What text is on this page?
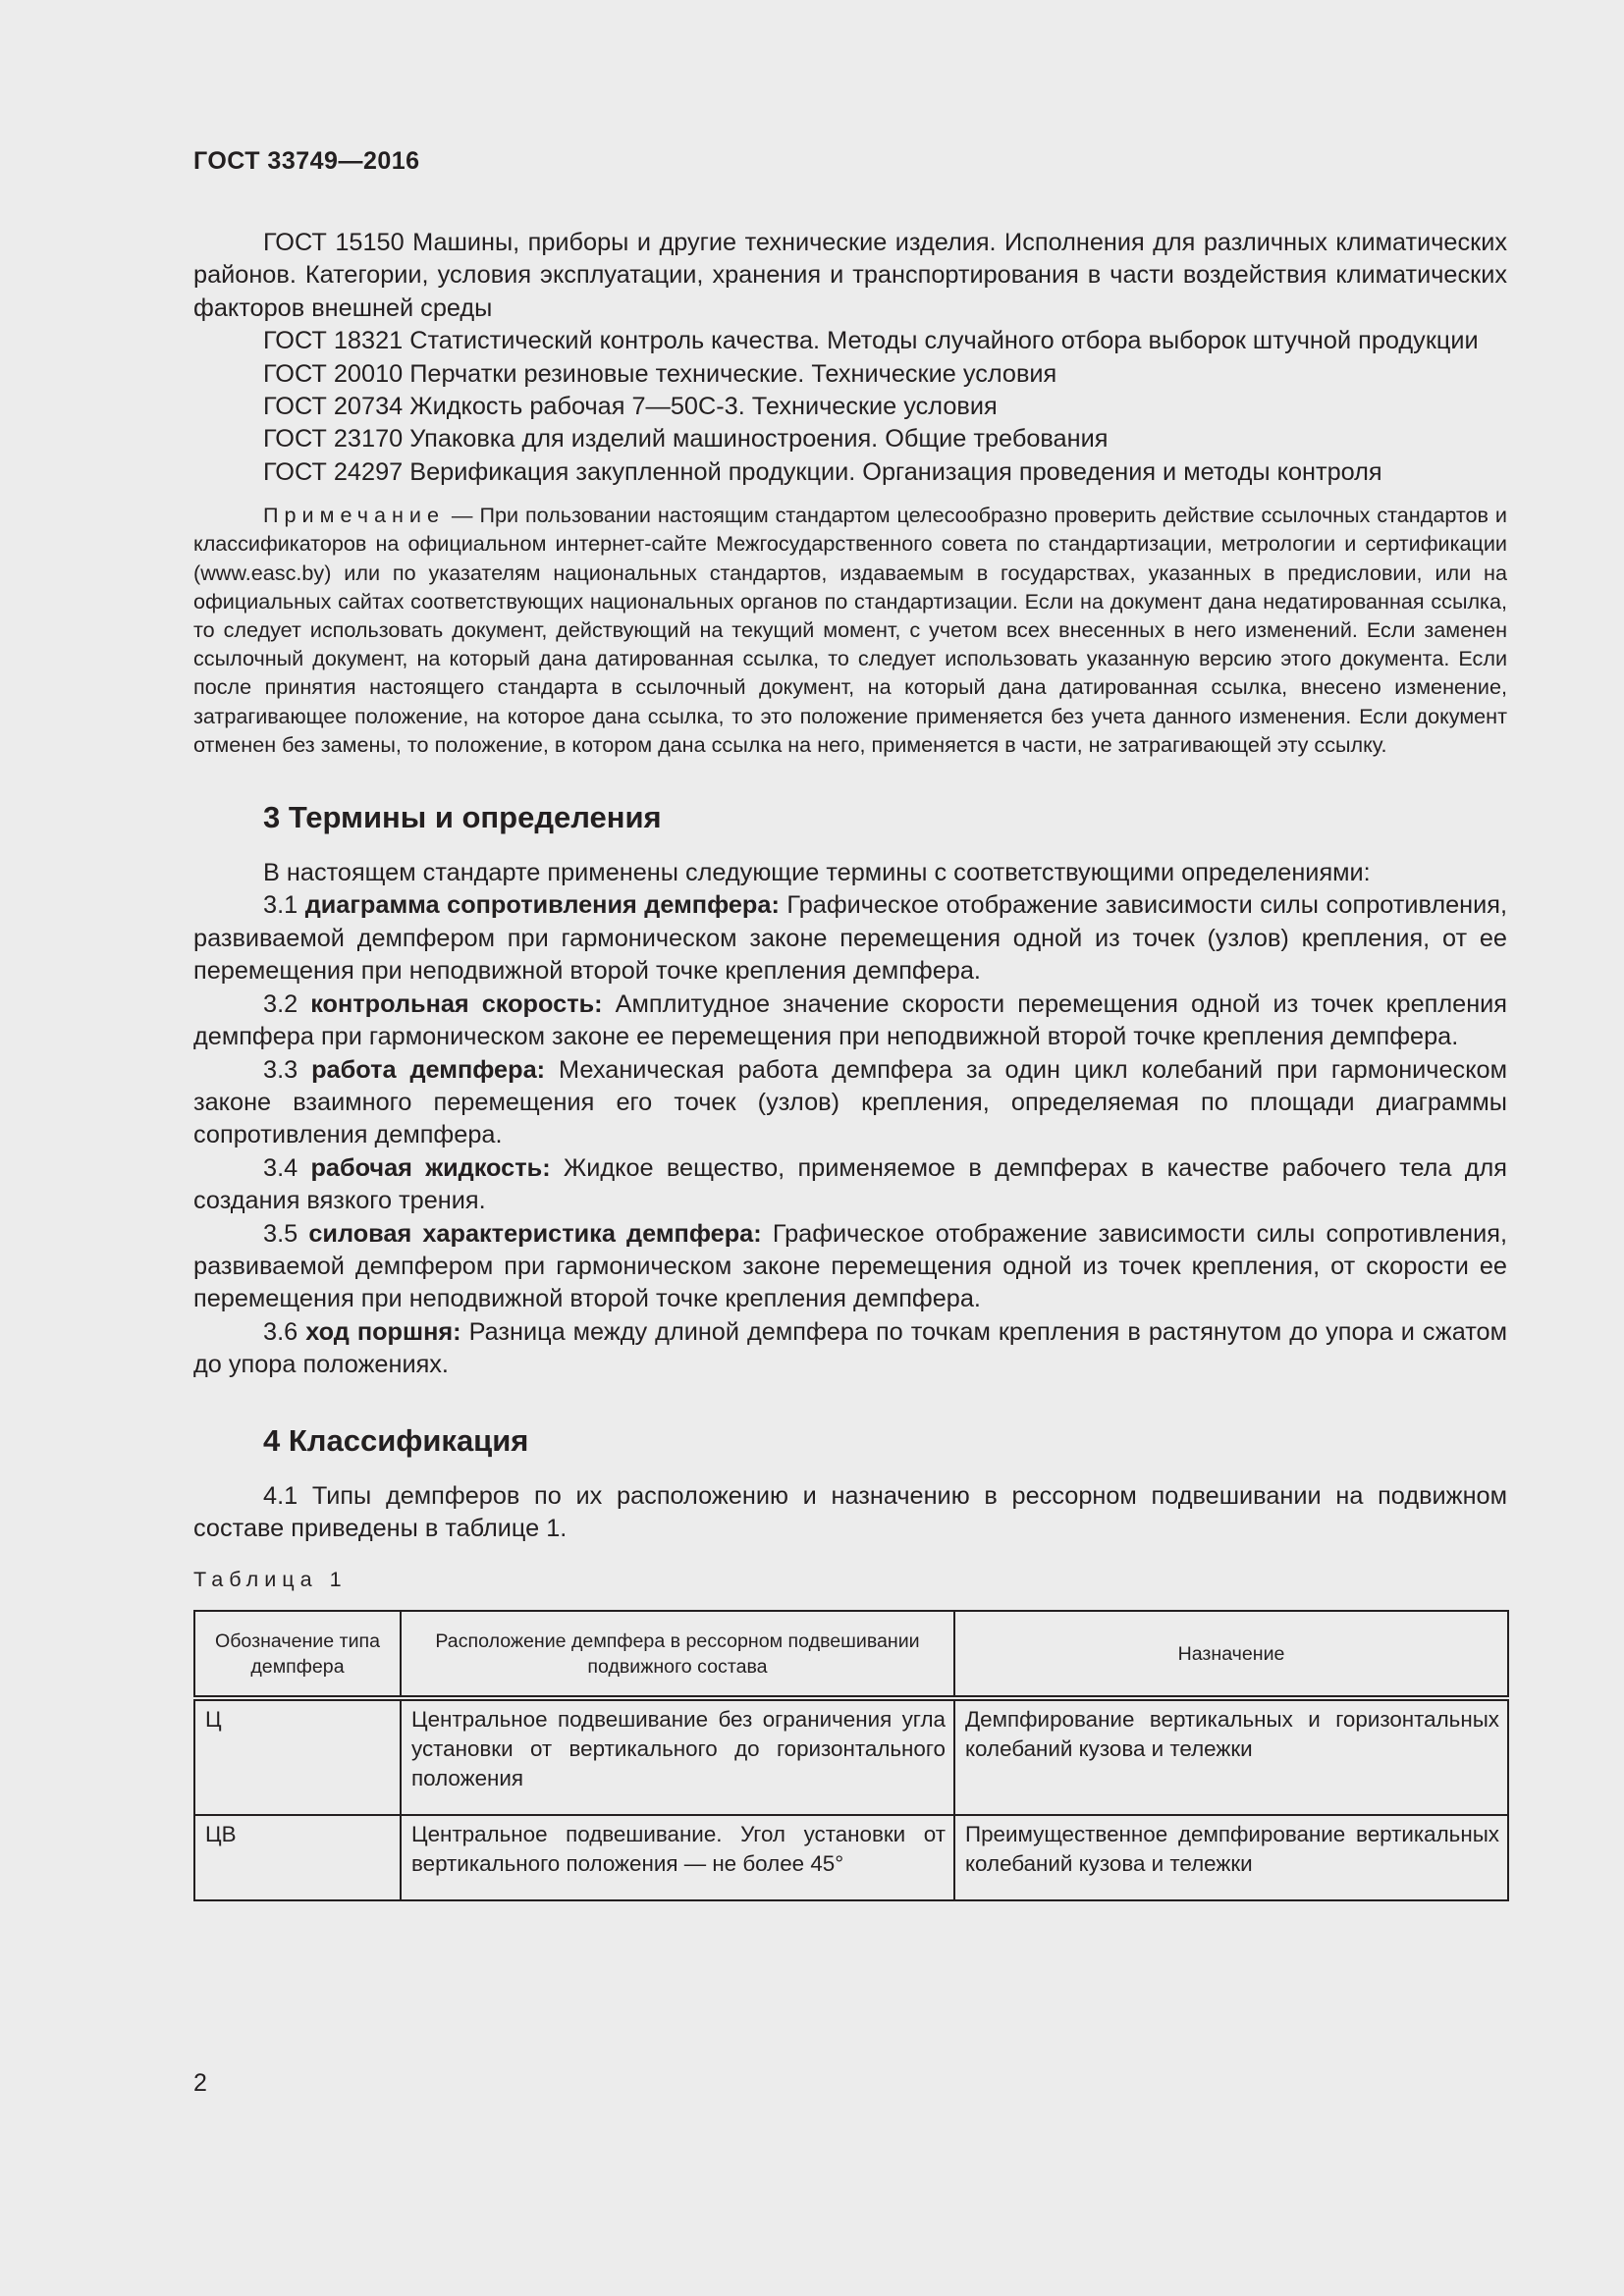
ГОСТ 33749—2016

ГОСТ 15150 Машины, приборы и другие технические изделия. Исполнения для различных климатических районов. Категории, условия эксплуатации, хранения и транспортирования в части воздействия климатических факторов внешней среды

ГОСТ 18321 Статистический контроль качества. Методы случайного отбора выборок штучной продукции

ГОСТ 20010 Перчатки резиновые технические. Технические условия

ГОСТ 20734 Жидкость рабочая 7—50С-3. Технические условия

ГОСТ 23170 Упаковка для изделий машиностроения. Общие требования

ГОСТ 24297 Верификация закупленной продукции. Организация проведения и методы контроля

Примечание — При пользовании настоящим стандартом целесообразно проверить действие ссылочных стандартов и классификаторов на официальном интернет-сайте Межгосударственного совета по стандартизации, метрологии и сертификации (www.easc.by) или по указателям национальных стандартов, издаваемым в государствах, указанных в предисловии, или на официальных сайтах соответствующих национальных органов по стандартизации. Если на документ дана недатированная ссылка, то следует использовать документ, действующий на текущий момент, с учетом всех внесенных в него изменений. Если заменен ссылочный документ, на который дана датированная ссылка, то следует использовать указанную версию этого документа. Если после принятия настоящего стандарта в ссылочный документ, на который дана датированная ссылка, внесено изменение, затрагивающее положение, на которое дана ссылка, то это положение применяется без учета данного изменения. Если документ отменен без замены, то положение, в котором дана ссылка на него, применяется в части, не затрагивающей эту ссылку.

3 Термины и определения

В настоящем стандарте применены следующие термины с соответствующими определениями:

3.1 диаграмма сопротивления демпфера: Графическое отображение зависимости силы сопротивления, развиваемой демпфером при гармоническом законе перемещения одной из точек (узлов) крепления, от ее перемещения при неподвижной второй точке крепления демпфера.

3.2 контрольная скорость: Амплитудное значение скорости перемещения одной из точек крепления демпфера при гармоническом законе ее перемещения при неподвижной второй точке крепления демпфера.

3.3 работа демпфера: Механическая работа демпфера за один цикл колебаний при гармоническом законе взаимного перемещения его точек (узлов) крепления, определяемая по площади диаграммы сопротивления демпфера.

3.4 рабочая жидкость: Жидкое вещество, применяемое в демпферах в качестве рабочего тела для создания вязкого трения.

3.5 силовая характеристика демпфера: Графическое отображение зависимости силы сопротивления, развиваемой демпфером при гармоническом законе перемещения одной из точек крепления, от скорости ее перемещения при неподвижной второй точке крепления демпфера.

3.6 ход поршня: Разница между длиной демпфера по точкам крепления в растянутом до упора и сжатом до упора положениях.

4 Классификация

4.1 Типы демпферов по их расположению и назначению в рессорном подвешивании на подвижном составе приведены в таблице 1.

Таблица 1

Обозначение типа демпфера	Расположение демпфера в рессорном подвешивании подвижного состава	Назначение
Ц	Центральное подвешивание без ограничения угла установки от вертикального до горизонтального положения	Демпфирование вертикальных и горизонтальных колебаний кузова и тележки
ЦВ	Центральное подвешивание. Угол установки от вертикального положения — не более 45°	Преимущественное демпфирование вертикальных колебаний кузова и тележки

2
